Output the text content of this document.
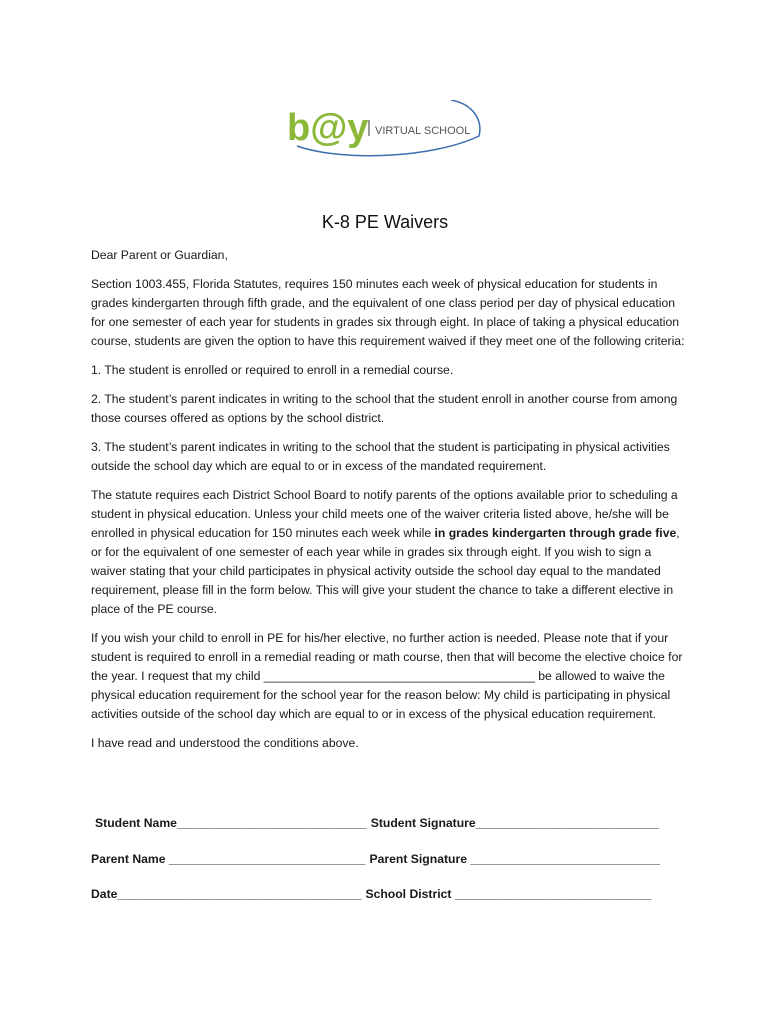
b@y VIRTUAL SCHOOL
K-8 PE Waivers

Dear Parent or Guardian,

Section 1003.455, Florida Statutes, requires 150 minutes each week of physical education for students in grades kindergarten through fifth grade, and the equivalent of one class period per day of physical education for one semester of each year for students in grades six through eight. In place of taking a physical education course, students are given the option to have this requirement waived if they meet one of the following criteria:

1. The student is enrolled or required to enroll in a remedial course.

2. The student’s parent indicates in writing to the school that the student enroll in another course from among those courses offered as options by the school district.

3. The student’s parent indicates in writing to the school that the student is participating in physical activities outside the school day which are equal to or in excess of the mandated requirement.

The statute requires each District School Board to notify parents of the options available prior to scheduling a student in physical education. Unless your child meets one of the waiver criteria listed above, he/she will be enrolled in physical education for 150 minutes each week while in grades kindergarten through grade five, or for the equivalent of one semester of each year while in grades six through eight. If you wish to sign a waiver stating that your child participates in physical activity outside the school day equal to the mandated requirement, please fill in the form below. This will give your student the chance to take a different elective in place of the PE course.

If you wish your child to enroll in PE for his/her elective, no further action is needed. Please note that if your student is required to enroll in a remedial reading or math course, then that will become the elective choice for the year. I request that my child ________________________________________ be allowed to waive the physical education requirement for the school year for the reason below: My child is participating in physical activities outside of the school day which are equal to or in excess of the physical education requirement.

I have read and understood the conditions above.

Student Name____________________________ Student Signature___________________________
Parent Name _____________________________ Parent Signature ____________________________
Date____________________________________ School District _____________________________
